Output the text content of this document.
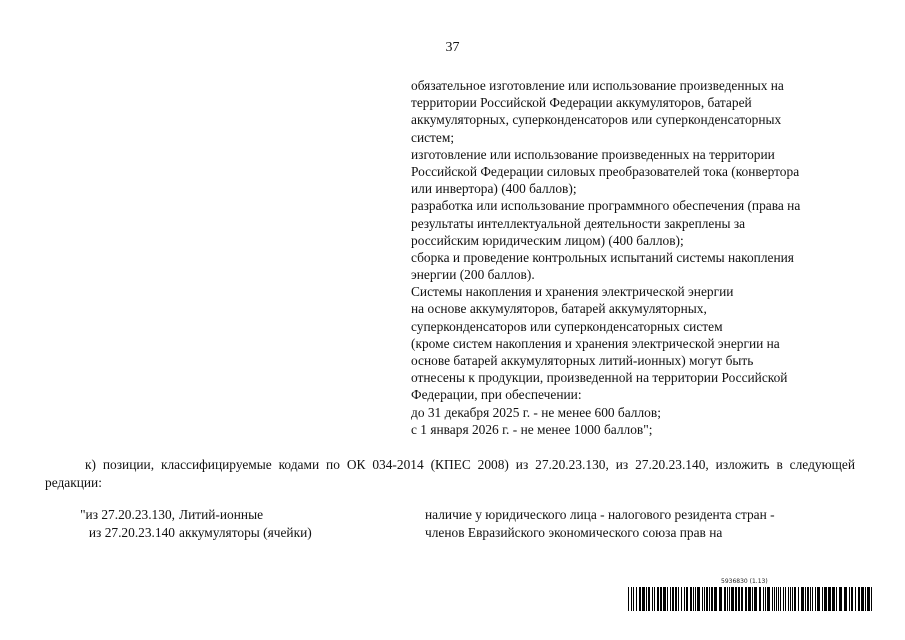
37
обязательное изготовление или использование произведенных на
территории Российской Федерации аккумуляторов, батарей
аккумуляторных, суперконденсаторов или суперконденсаторных
систем;
изготовление или использование произведенных на территории
Российской Федерации силовых преобразователей тока (конвертора
или инвертора) (400 баллов);
разработка или использование программного обеспечения (права на
результаты интеллектуальной деятельности закреплены за
российским юридическим лицом) (400 баллов);
сборка и проведение контрольных испытаний системы накопления
энергии (200 баллов).
Системы накопления и хранения электрической энергии
на основе аккумуляторов, батарей аккумуляторных,
суперконденсаторов или суперконденсаторных систем
(кроме систем накопления и хранения электрической энергии на
основе батарей аккумуляторных литий-ионных) могут быть
отнесены к продукции, произведенной на территории Российской
Федерации, при обеспечении:
до 31 декабря 2025 г. - не менее 600 баллов;
с 1 января 2026 г. - не менее 1000 баллов";
к) позиции, классифицируемые кодами по ОК 034-2014 (КПЕС 2008) из 27.20.23.130, из 27.20.23.140, изложить в следующей редакции:
"из 27.20.23.130,
из 27.20.23.140
Литий-ионные
аккумуляторы (ячейки)
наличие у юридического лица - налогового резидента стран -
членов Евразийского экономического союза прав на
5936830 (1.13)
